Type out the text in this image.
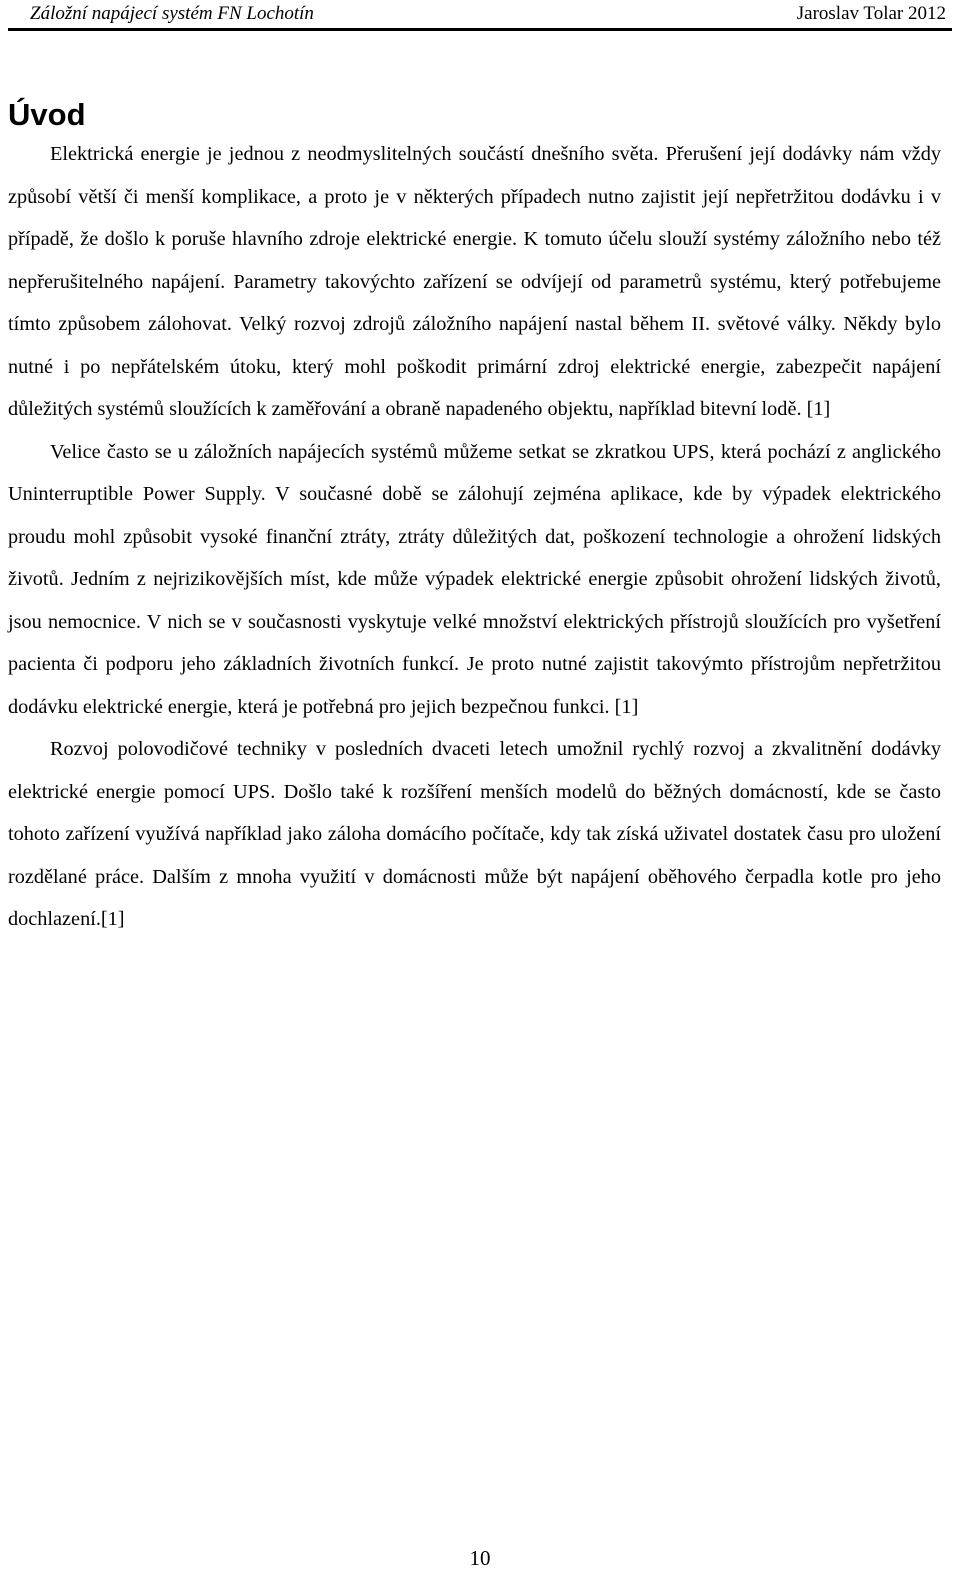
Záložní napájecí systém FN Lochotín	Jaroslav Tolar 2012
Úvod

Elektrická energie je jednou z neodmyslitelných součástí dnešního světa. Přerušení její dodávky nám vždy způsobí větší či menší komplikace, a proto je v některých případech nutno zajistit její nepřetržitou dodávku i v případě, že došlo k poruše hlavního zdroje elektrické energie. K tomuto účelu slouží systémy záložního nebo též nepřerušitelného napájení. Parametry takovýchto zařízení se odvíjejí od parametrů systému, který potřebujeme tímto způsobem zálohovat. Velký rozvoj zdrojů záložního napájení nastal během II. světové války. Někdy bylo nutné i po nepřátelském útoku, který mohl poškodit primární zdroj elektrické energie, zabezpečit napájení důležitých systémů sloužících k zaměřování a obraně napadeného objektu, například bitevní lodě. [1]

Velice často se u záložních napájecích systémů můžeme setkat se zkratkou UPS, která pochází z anglického Uninterruptible Power Supply. V současné době se zálohují zejména aplikace, kde by výpadek elektrického proudu mohl způsobit vysoké finanční ztráty, ztráty důležitých dat, poškození technologie a ohrožení lidských životů. Jedním z nejrizikovějších míst, kde může výpadek elektrické energie způsobit ohrožení lidských životů, jsou nemocnice. V nich se v současnosti vyskytuje velké množství elektrických přístrojů sloužících pro vyšetření pacienta či podporu jeho základních životních funkcí. Je proto nutné zajistit takovýmto přístrojům nepřetržitou dodávku elektrické energie, která je potřebná pro jejich bezpečnou funkci. [1]

Rozvoj polovodičové techniky v posledních dvaceti letech umožnil rychlý rozvoj a zkvalitnění dodávky elektrické energie pomocí UPS. Došlo také k rozšíření menších modelů do běžných domácností, kde se často tohoto zařízení využívá například jako záloha domácího počítače, kdy tak získá uživatel dostatek času pro uložení rozdělané práce. Dalším z mnoha využití v domácnosti může být napájení oběhového čerpadla kotle pro jeho dochlazení.[1]

10
